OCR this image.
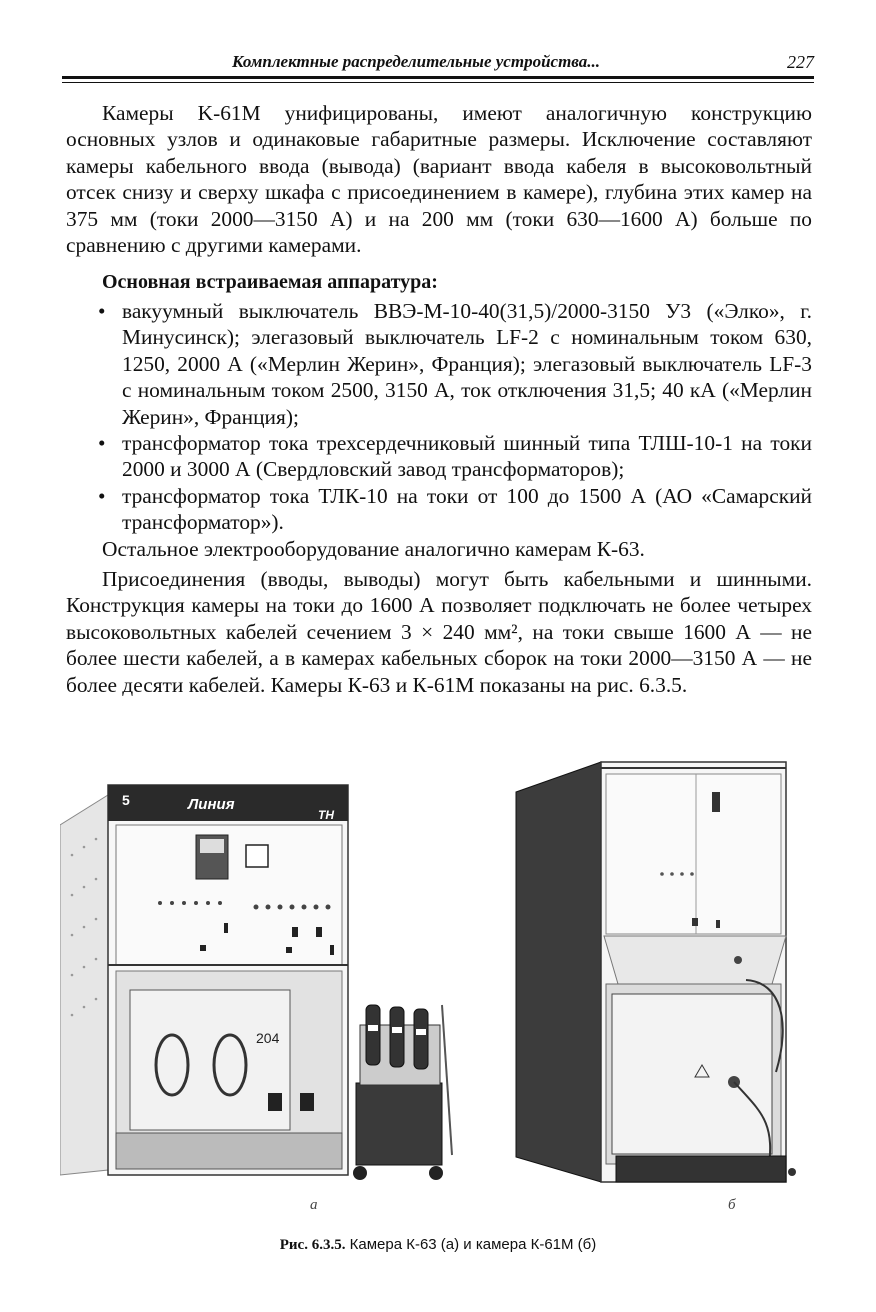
Комплектные распределительные устройства...	227
Камеры K-61M унифицированы, имеют аналогичную конструкцию основных узлов и одинаковые габаритные размеры. Исключение составляют камеры кабельного ввода (вывода) (вариант ввода кабеля в высоковольтный отсек снизу и сверху шкафа с присоединением в камере), глубина этих камер на 375 мм (токи 2000—3150 А) и на 200 мм (токи 630—1600 А) больше по сравнению с другими камерами.
Основная встраиваемая аппаратура:
• вакуумный выключатель ВВЭ-М-10-40(31,5)/2000-3150 У3 («Элко», г. Минусинск); элегазовый выключатель LF-2 с номинальным током 630, 1250, 2000 А («Мерлин Жерин», Франция); элегазовый выключатель LF-3 с номинальным током 2500, 3150 А, ток отключения 31,5; 40 кА («Мерлин Жерин», Франция);
• трансформатор тока трехсердечниковый шинный типа ТЛШ-10-1 на токи 2000 и 3000 А (Свердловский завод трансформаторов);
• трансформатор тока ТЛК-10 на токи от 100 до 1500 А (АО «Самарский трансформатор»).
Остальное электрооборудование аналогично камерам К-63.
Присоединения (вводы, выводы) могут быть кабельными и шинными. Конструкция камеры на токи до 1600 А позволяет подключать не более четырех высоковольтных кабелей сечением 3 × 240 мм², на токи свыше 1600 А — не более шести кабелей, а в камерах кабельных сборок на токи 2000—3150 А — не более десяти кабелей. Камеры К-63 и К-61М показаны на рис. 6.3.5.
5	Линия
ТН
204
а	б
Рис. 6.3.5. Камера К-63 (а) и камера К-61М (б)
